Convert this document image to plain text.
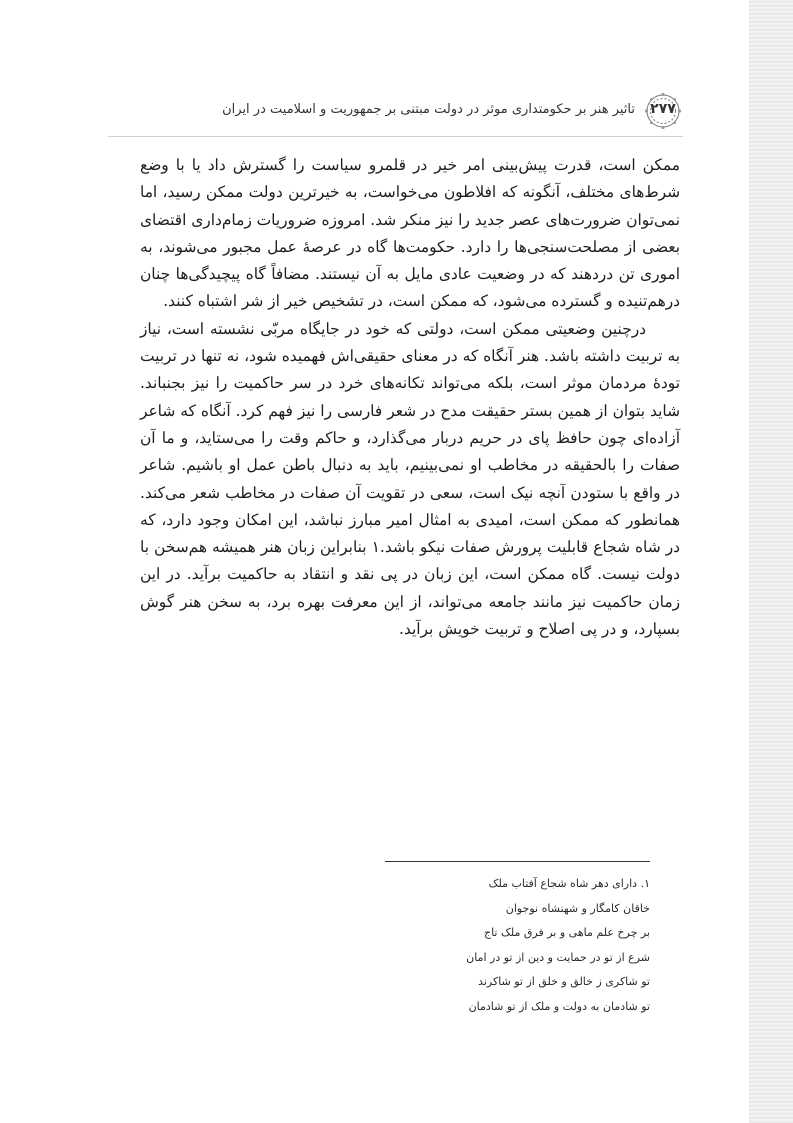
۲۷۷
تاثیر هنر بر حکومتداری موثر در دولت مبتنی بر جمهوریت و اسلامیت در ایران

ممکن است، قدرت پیش‌بینی امر خیر در قلمرو سیاست را گسترش داد یا با وضع شرط‌های مختلف، آنگونه که افلاطون می‌خواست، به خیرترین دولت ممکن رسید، اما نمی‌توان ضرورت‌های عصر جدید را نیز منکر شد. امروزه ضروریات زمام‌داری اقتضای بعضی از مصلحت‌سنجی‌ها را دارد. حکومت‌ها گاه در عرصهٔ عمل مجبور می‌شوند، به اموری تن دردهند که در وضعیت عادی مایل به آن نیستند. مضافاً گاه پیچیدگی‌ها چنان درهم‌تنیده و گسترده می‌شود، که ممکن است، در تشخیص خیر از شر اشتباه کنند.

درچنین وضعیتی ممکن است، دولتی که خود در جایگاه مربّی نشسته است، نیاز به تربیت داشته باشد. هنر آنگاه که در معنای حقیقی‌اش فهمیده شود، نه تنها در تربیت تودهٔ مردمان موثر است، بلکه می‌تواند تکانه‌های خرد در سر حاکمیت را نیز بجنباند. شاید بتوان از همین بستر حقیقت مدح در شعر فارسی را نیز فهم کرد. آنگاه که شاعر آزاده‌ای چون حافظ پای در حریم دربار می‌گذارد، و حاکم وقت را می‌ستاید، و ما آن صفات را بالحقیقه در مخاطب او نمی‌بینیم، باید به دنبال باطن عمل او باشیم. شاعر در واقع با ستودن آنچه نیک است، سعی در تقویت آن صفات در مخاطب شعر می‌کند. همانطور که ممکن است، امیدی به امثال امیر مبارز نباشد، این امکان وجود دارد، که در شاه شجاع قابلیت پرورش صفات نیکو باشد.۱ بنابراین زبان هنر همیشه هم‌سخن با دولت نیست. گاه ممکن است، این زبان در پی نقد و انتقاد به حاکمیت برآید. در این زمان حاکمیت نیز مانند جامعه می‌تواند، از این معرفت بهره برد، به سخن هنر گوش بسپارد، و در پی اصلاح و تربیت خویش برآید.

۱. دارای دهر شاه شجاع آفتاب ملک
خاقان کامگار و شهنشاه نوجوان
بر چرخ علم ماهی و بر فرق ملک تاج
شرع از تو در حمایت و دین از تو در امان
تو شاکری ز خالق و خلق از تو شاکرند
تو شادمان به دولت و ملک از تو شادمان
